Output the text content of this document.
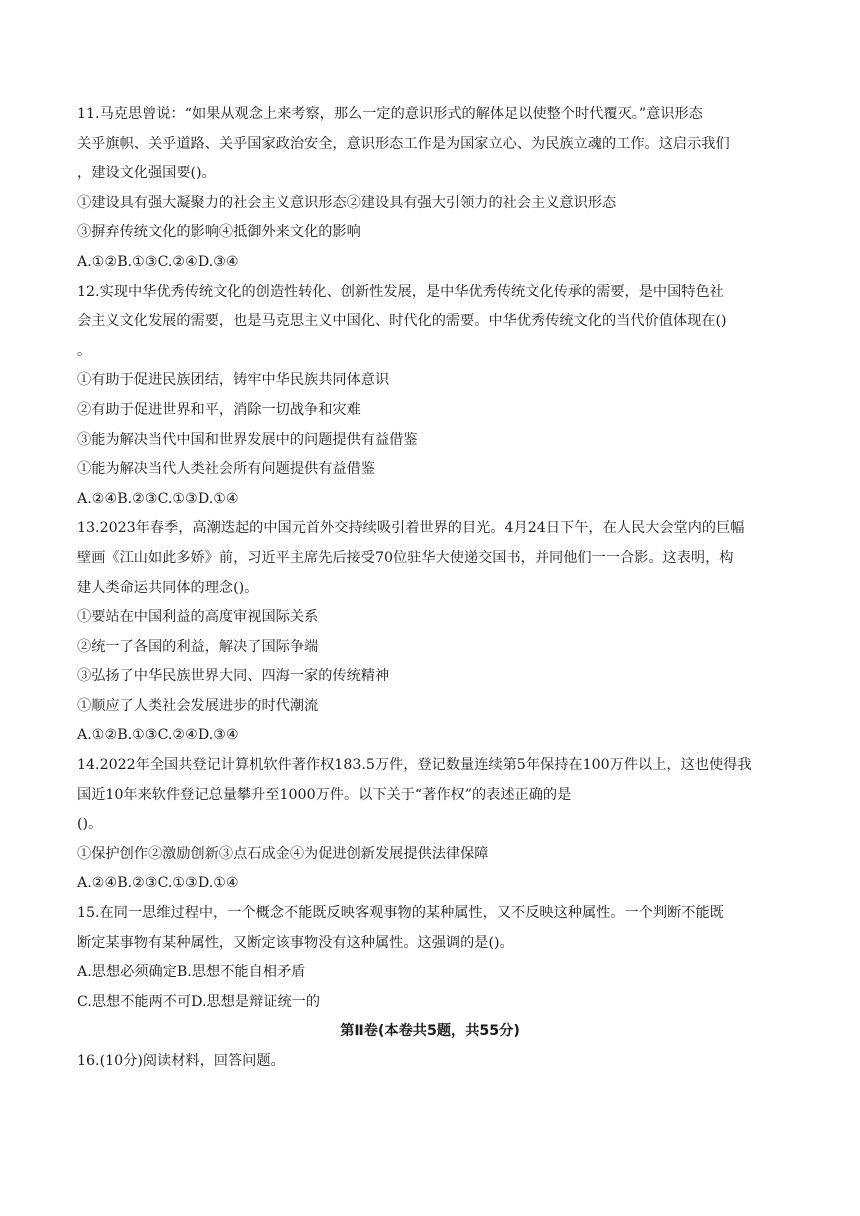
11.马克思曾说：“如果从观念上来考察，那么一定的意识形式的解体足以使整个时代覆灭。”意识形态
关乎旗帜、关乎道路、关乎国家政治安全，意识形态工作是为国家立心、为民族立魂的工作。这启示我们
，建设文化强国要()。
①建设具有强大凝聚力的社会主义意识形态②建设具有强大引领力的社会主义意识形态
③摒弃传统文化的影响④抵御外来文化的影响
A.①②B.①③C.②④D.③④
12.实现中华优秀传统文化的创造性转化、创新性发展，是中华优秀传统文化传承的需要，是中国特色社
会主义文化发展的需要，也是马克思主义中国化、时代化的需要。中华优秀传统文化的当代价值体现在()
。
①有助于促进民族团结，铸牢中华民族共同体意识
②有助于促进世界和平，消除一切战争和灾难
③能为解决当代中国和世界发展中的问题提供有益借鉴
①能为解决当代人类社会所有问题提供有益借鉴
A.②④B.②③C.①③D.①④
13.2023年春季，高潮迭起的中国元首外交持续吸引着世界的目光。4月24日下午，在人民大会堂内的巨幅
壁画《江山如此多娇》前，习近平主席先后接受70位驻华大使递交国书，并同他们一一合影。这表明，构
建人类命运共同体的理念()。
①要站在中国利益的高度审视国际关系
②统一了各国的利益，解决了国际争端
③弘扬了中华民族世界大同、四海一家的传统精神
①顺应了人类社会发展进步的时代潮流
A.①②B.①③C.②④D.③④
14.2022年全国共登记计算机软件著作权183.5万件，登记数量连续第5年保持在100万件以上，这也使得我
国近10年来软件登记总量攀升至1000万件。以下关于“著作权”的表述正确的是
()。
①保护创作②激励创新③点石成金④为促进创新发展提供法律保障
A.②④B.②③C.①③D.①④
15.在同一思维过程中，一个概念不能既反映客观事物的某种属性，又不反映这种属性。一个判断不能既
断定某事物有某种属性，又断定该事物没有这种属性。这强调的是()。
A.思想必须确定B.思想不能自相矛盾
C.思想不能两不可D.思想是辩证统一的
第Ⅱ卷(本卷共5题，共55分)
16.(10分)阅读材料，回答问题。
